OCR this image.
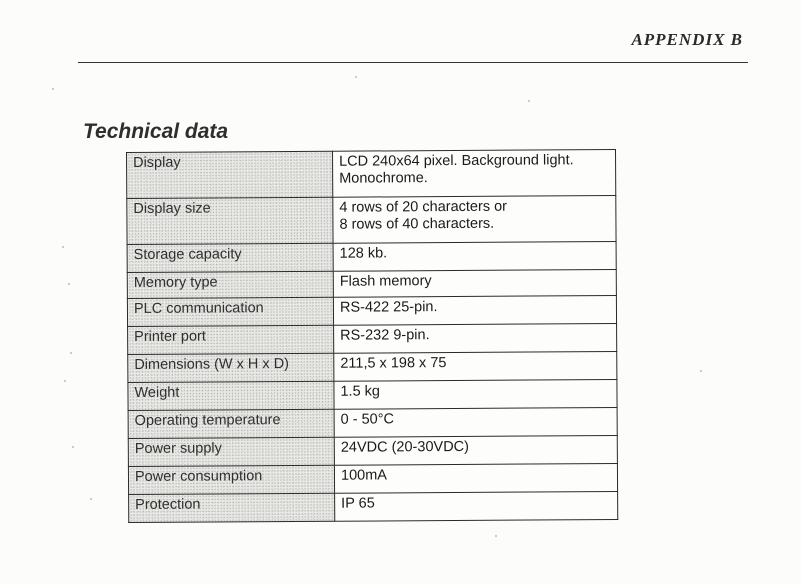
APPENDIX B
Technical data
Display	LCD 240x64 pixel. Background light.
Monochrome.

Display size	4 rows of 20 characters or
8 rows of 40 characters.

Storage capacity	128 kb.

Memory type	Flash memory

PLC communication	RS-422 25-pin.

Printer port	RS-232 9-pin.

Dimensions (W x H x D)	211,5 x 198 x 75

Weight	1.5 kg

Operating temperature	0 - 50°C

Power supply	24VDC (20-30VDC)

Power consumption	100mA

Protection	IP 65
